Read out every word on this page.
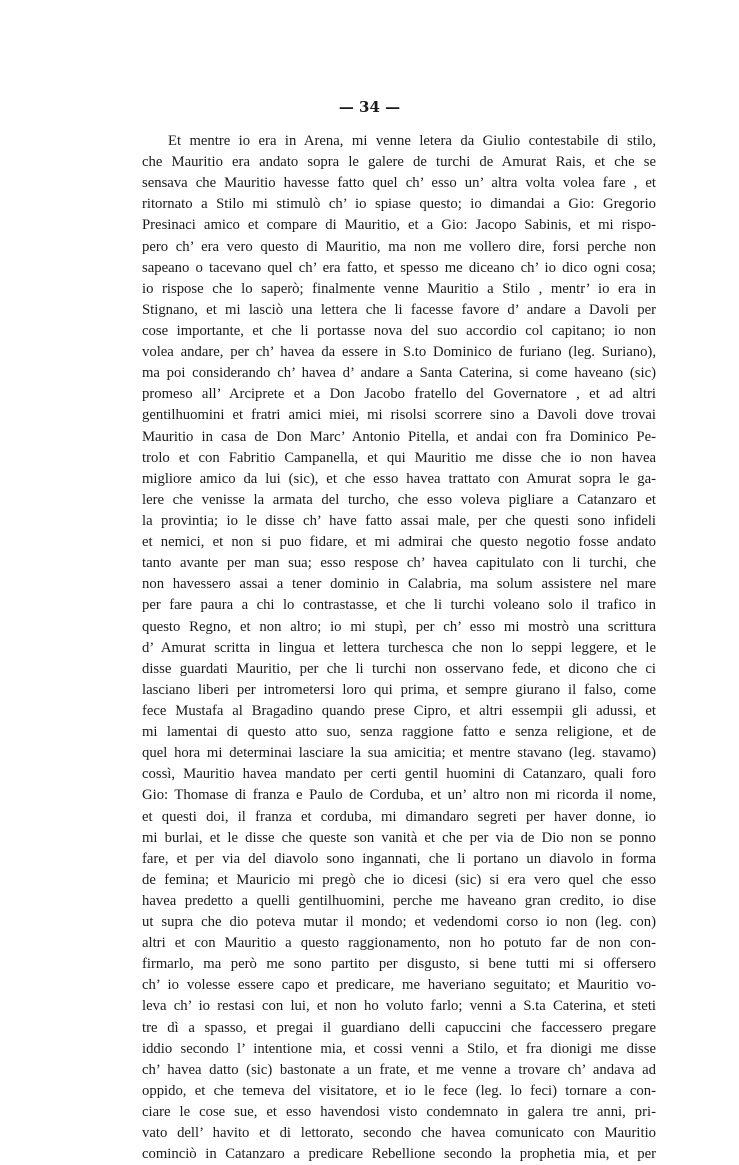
— 34 —
Et mentre io era in Arena, mi venne letera da Giulio contestabile di stilo,
che Mauritio era andato sopra le galere de turchi de Amurat Rais, et che se
sensava che Mauritio havesse fatto quel ch’ esso un’ altra volta volea fare , et
ritornato a Stilo mi stimulò ch’ io spiase questo; io dimandai a Gio: Gregorio
Presinaci amico et compare di Mauritio, et a Gio: Jacopo Sabinis, et mi rispo-
pero ch’ era vero questo di Mauritio, ma non me vollero dire, forsi perche non
sapeano o tacevano quel ch’ era fatto, et spesso me diceano ch’ io dico ogni cosa;
io rispose che lo saperò; finalmente venne Mauritio a Stilo , mentr’ io era in
Stignano, et mi lasciò una lettera che li facesse favore d’ andare a Davoli per
cose importante, et che li portasse nova del suo accordio col capitano; io non
volea andare, per ch’ havea da essere in S.to Dominico de furiano (leg. Suriano),
ma poi considerando ch’ havea d’ andare a Santa Caterina, si come haveano (sic)
promeso all’ Arciprete et a Don Jacobo fratello del Governatore , et ad altri
gentilhuomini et fratri amici miei, mi risolsi scorrere sino a Davoli dove trovai
Mauritio in casa de Don Marc’ Antonio Pitella, et andai con fra Dominico Pe-
trolo et con Fabritio Campanella, et qui Mauritio me disse che io non havea
migliore amico da lui (sic), et che esso havea trattato con Amurat sopra le ga-
lere che venisse la armata del turcho, che esso voleva pigliare a Catanzaro et
la provintia; io le disse ch’ have fatto assai male, per che questi sono infideli
et nemici, et non si puo fidare, et mi admirai che questo negotio fosse andato
tanto avante per man sua; esso respose ch’ havea capitulato con li turchi, che
non havessero assai a tener dominio in Calabria, ma solum assistere nel mare
per fare paura a chi lo contrastasse, et che li turchi voleano solo il trafico in
questo Regno, et non altro; io mi stupì, per ch’ esso mi mostrò una scrittura
d’ Amurat scritta in lingua et lettera turchesca che non lo seppi leggere, et le
disse guardati Mauritio, per che li turchi non osservano fede, et dicono che ci
lasciano liberi per intrometersi loro qui prima, et sempre giurano il falso, come
fece Mustafa al Bragadino quando prese Cipro, et altri essempii gli adussi, et
mi lamentai di questo atto suo, senza raggione fatto e senza religione, et de
quel hora mi determinai lasciare la sua amicitia; et mentre stavano (leg. stavamo)
cossì, Mauritio havea mandato per certi gentil huomini di Catanzaro, quali foro
Gio: Thomase di franza e Paulo de Corduba, et un’ altro non mi ricorda il nome,
et questi doi, il franza et corduba, mi dimandaro segreti per haver donne, io
mi burlai, et le disse che queste son vanità et che per via de Dio non se ponno
fare, et per via del diavolo sono ingannati, che li portano un diavolo in forma
de femina; et Mauricio mi pregò che io dicesi (sic) si era vero quel che esso
havea predetto a quelli gentilhuomini, perche me haveano gran credito, io dise
ut supra che dio poteva mutar il mondo; et vedendomi corso io non (leg. con)
altri et con Mauritio a questo raggionamento, non ho potuto far de non con-
firmarlo, ma però me sono partito per disgusto, si bene tutti mi si offersero
ch’ io volesse essere capo et predicare, me haveriano seguitato; et Mauritio vo-
leva ch’ io restasi con lui, et non ho voluto farlo; venni a S.ta Caterina, et steti
tre dì a spasso, et pregai il guardiano delli capuccini che faccessero pregare
iddio secondo l’ intentione mia, et cossi venni a Stilo, et fra dionigi me disse
ch’ havea datto (sic) bastonate a un frate, et me venne a trovare ch’ andava ad
oppido, et che temeva del visitatore, et io le fece (leg. lo feci) tornare a con-
ciare le cose sue, et esso havendosi visto condemnato in galera tre anni, pri-
vato dell’ havito et di lettorato, secondo che havea comunicato con Mauritio
cominciò in Catanzaro a predicare Rebellione secondo la prophetia mia, et per
